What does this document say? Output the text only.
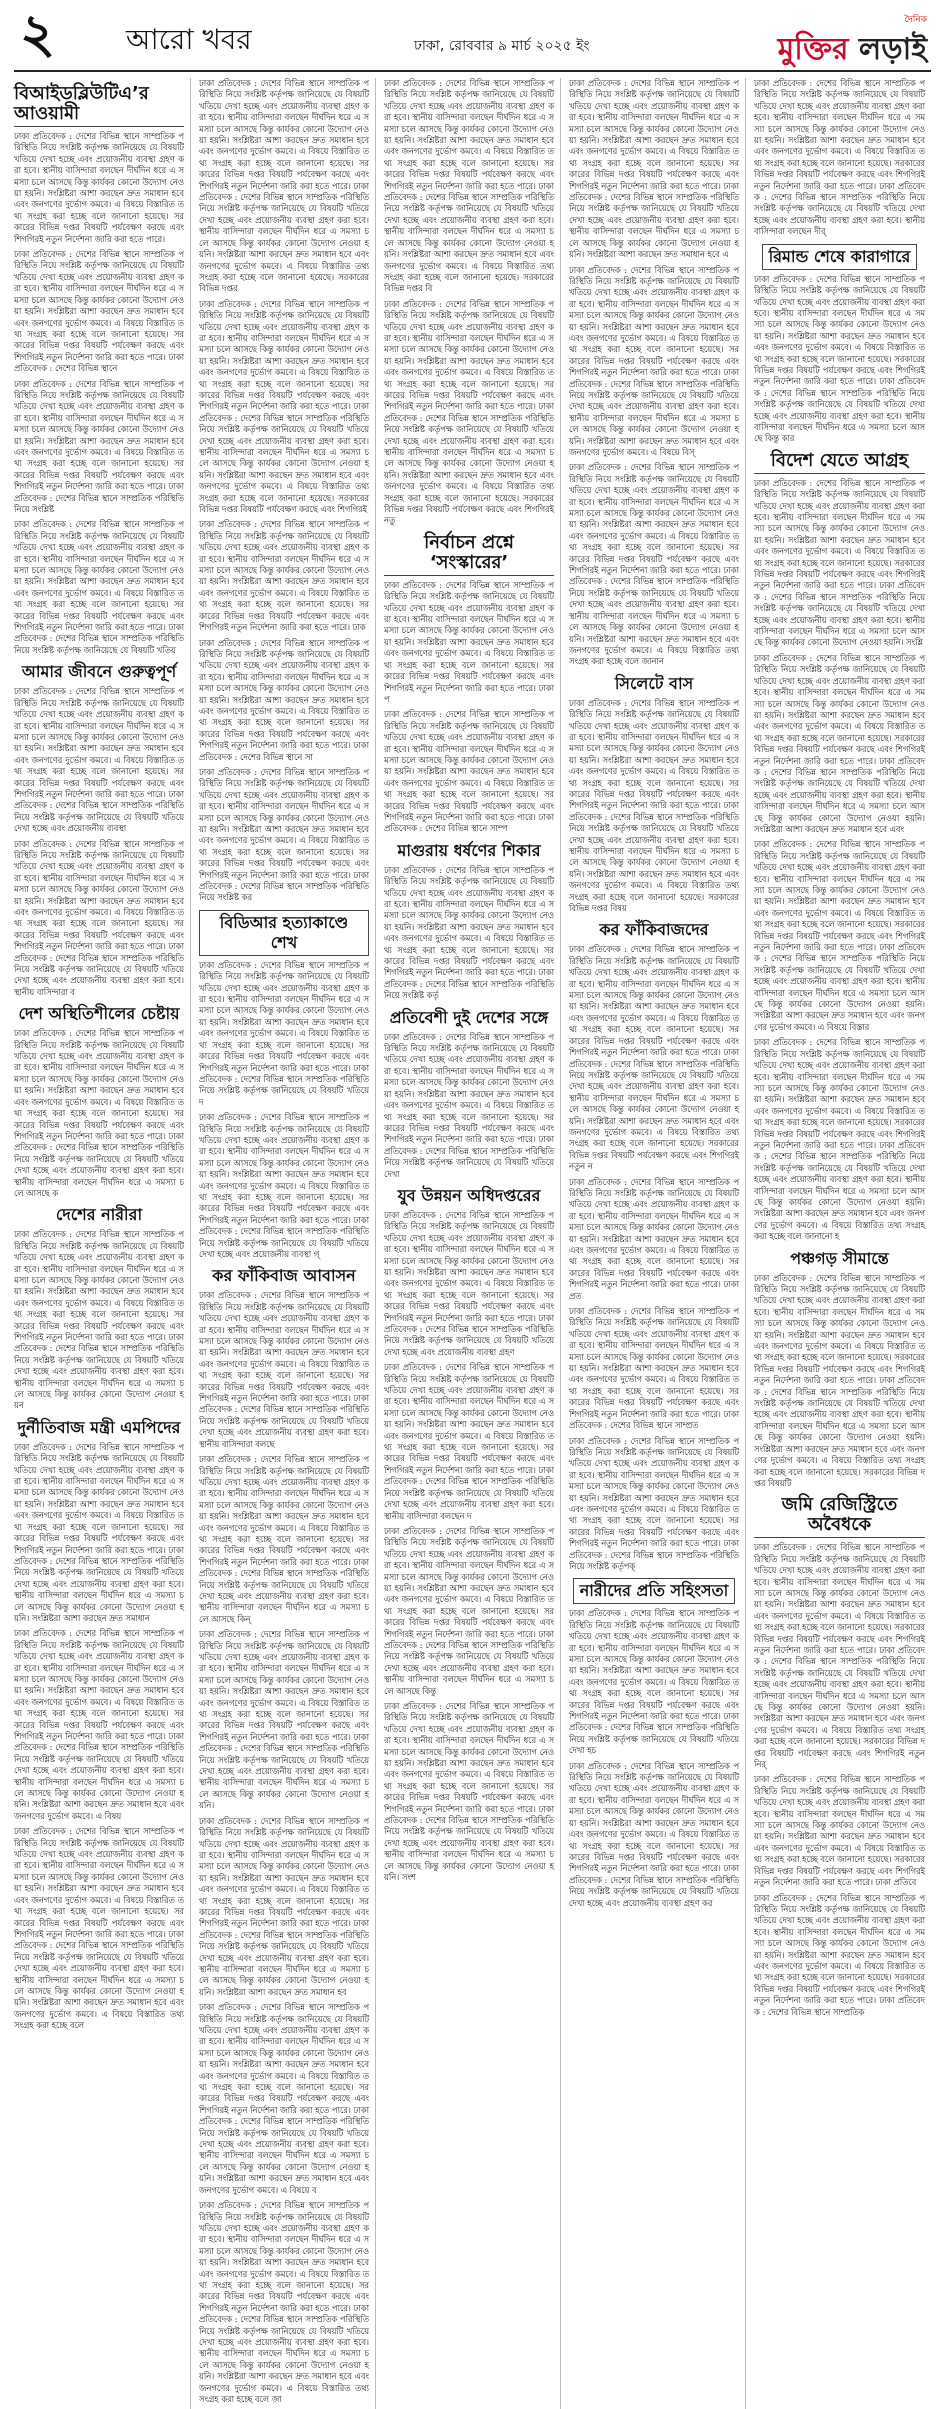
২	আরো খবর	ঢাকা, রোববার ৯ মার্চ ২০২৫ ইং
দৈনিক
মুক্তির লড়াই
বিআইডব্লিউটিএ’র আওয়ামী

ঢাকা প্রতিবেদক : দেশের বিভিন্ন স্থানে সাম্প্রতিক পরিস্থিতি নিয়ে সংশ্লিষ্ট কর্তৃপক্ষ জানিয়েছে যে বিষয়টি খতিয়ে দেখা হচ্ছে এবং প্রয়োজনীয় ব্যবস্থা গ্রহণ করা হবে। স্থানীয় বাসিন্দারা বলছেন দীর্ঘদিন ধরে এ সমস্যা চলে আসছে কিন্তু কার্যকর কোনো উদ্যোগ নেওয়া হয়নি। সংশ্লিষ্টরা আশা করছেন দ্রুত সমাধান হবে এবং জনগণের দুর্ভোগ কমবে। এ বিষয়ে বিস্তারিত তথ্য সংগ্রহ করা হচ্ছে বলে জানানো হয়েছে। সরকারের বিভিন্ন দপ্তর বিষয়টি পর্যবেক্ষণ করছে এবং শিগগিরই নতুন নির্দেশনা জারি করা হতে পারে।

ঢাকা প্রতিবেদক : দেশের বিভিন্ন স্থানে সাম্প্রতিক পরিস্থিতি নিয়ে সংশ্লিষ্ট কর্তৃপক্ষ জানিয়েছে যে বিষয়টি খতিয়ে দেখা হচ্ছে এবং প্রয়োজনীয় ব্যবস্থা গ্রহণ করা হবে। স্থানীয় বাসিন্দারা বলছেন দীর্ঘদিন ধরে এ সমস্যা চলে আসছে কিন্তু কার্যকর কোনো উদ্যোগ নেওয়া হয়নি। সংশ্লিষ্টরা আশা করছেন দ্রুত সমাধান হবে এবং জনগণের দুর্ভোগ কমবে। এ বিষয়ে বিস্তারিত তথ্য সংগ্রহ করা হচ্ছে বলে জানানো হয়েছে। সরকারের বিভিন্ন দপ্তর বিষয়টি পর্যবেক্ষণ করছে এবং শিগগিরই নতুন নির্দেশনা জারি করা হতে পারে। ঢাকা প্রতিবেদক : দেশের বিভিন্ন স্থানে

ঢাকা প্রতিবেদক : দেশের বিভিন্ন স্থানে সাম্প্রতিক পরিস্থিতি নিয়ে সংশ্লিষ্ট কর্তৃপক্ষ জানিয়েছে যে বিষয়টি খতিয়ে দেখা হচ্ছে এবং প্রয়োজনীয় ব্যবস্থা গ্রহণ করা হবে। স্থানীয় বাসিন্দারা বলছেন দীর্ঘদিন ধরে এ সমস্যা চলে আসছে কিন্তু কার্যকর কোনো উদ্যোগ নেওয়া হয়নি। সংশ্লিষ্টরা আশা করছেন দ্রুত সমাধান হবে এবং জনগণের দুর্ভোগ কমবে। এ বিষয়ে বিস্তারিত তথ্য সংগ্রহ করা হচ্ছে বলে জানানো হয়েছে। সরকারের বিভিন্ন দপ্তর বিষয়টি পর্যবেক্ষণ করছে এবং শিগগিরই নতুন নির্দেশনা জারি করা হতে পারে। ঢাকা প্রতিবেদক : দেশের বিভিন্ন স্থানে সাম্প্রতিক পরিস্থিতি নিয়ে সংশ্লিষ্ট

ঢাকা প্রতিবেদক : দেশের বিভিন্ন স্থানে সাম্প্রতিক পরিস্থিতি নিয়ে সংশ্লিষ্ট কর্তৃপক্ষ জানিয়েছে যে বিষয়টি খতিয়ে দেখা হচ্ছে এবং প্রয়োজনীয় ব্যবস্থা গ্রহণ করা হবে। স্থানীয় বাসিন্দারা বলছেন দীর্ঘদিন ধরে এ সমস্যা চলে আসছে কিন্তু কার্যকর কোনো উদ্যোগ নেওয়া হয়নি। সংশ্লিষ্টরা আশা করছেন দ্রুত সমাধান হবে এবং জনগণের দুর্ভোগ কমবে। এ বিষয়ে বিস্তারিত তথ্য সংগ্রহ করা হচ্ছে বলে জানানো হয়েছে। সরকারের বিভিন্ন দপ্তর বিষয়টি পর্যবেক্ষণ করছে এবং শিগগিরই নতুন নির্দেশনা জারি করা হতে পারে। ঢাকা প্রতিবেদক : দেশের বিভিন্ন স্থানে সাম্প্রতিক পরিস্থিতি নিয়ে সংশ্লিষ্ট কর্তৃপক্ষ জানিয়েছে যে বিষয়টি খতিয়

আমার জীবনে গুরুত্বপূর্ণ

ঢাকা প্রতিবেদক : দেশের বিভিন্ন স্থানে সাম্প্রতিক পরিস্থিতি নিয়ে সংশ্লিষ্ট কর্তৃপক্ষ জানিয়েছে যে বিষয়টি খতিয়ে দেখা হচ্ছে এবং প্রয়োজনীয় ব্যবস্থা গ্রহণ করা হবে। স্থানীয় বাসিন্দারা বলছেন দীর্ঘদিন ধরে এ সমস্যা চলে আসছে কিন্তু কার্যকর কোনো উদ্যোগ নেওয়া হয়নি। সংশ্লিষ্টরা আশা করছেন দ্রুত সমাধান হবে এবং জনগণের দুর্ভোগ কমবে। এ বিষয়ে বিস্তারিত তথ্য সংগ্রহ করা হচ্ছে বলে জানানো হয়েছে। সরকারের বিভিন্ন দপ্তর বিষয়টি পর্যবেক্ষণ করছে এবং শিগগিরই নতুন নির্দেশনা জারি করা হতে পারে। ঢাকা প্রতিবেদক : দেশের বিভিন্ন স্থানে সাম্প্রতিক পরিস্থিতি নিয়ে সংশ্লিষ্ট কর্তৃপক্ষ জানিয়েছে যে বিষয়টি খতিয়ে দেখা হচ্ছে এবং প্রয়োজনীয় ব্যবস্থা

ঢাকা প্রতিবেদক : দেশের বিভিন্ন স্থানে সাম্প্রতিক পরিস্থিতি নিয়ে সংশ্লিষ্ট কর্তৃপক্ষ জানিয়েছে যে বিষয়টি খতিয়ে দেখা হচ্ছে এবং প্রয়োজনীয় ব্যবস্থা গ্রহণ করা হবে। স্থানীয় বাসিন্দারা বলছেন দীর্ঘদিন ধরে এ সমস্যা চলে আসছে কিন্তু কার্যকর কোনো উদ্যোগ নেওয়া হয়নি। সংশ্লিষ্টরা আশা করছেন দ্রুত সমাধান হবে এবং জনগণের দুর্ভোগ কমবে। এ বিষয়ে বিস্তারিত তথ্য সংগ্রহ করা হচ্ছে বলে জানানো হয়েছে। সরকারের বিভিন্ন দপ্তর বিষয়টি পর্যবেক্ষণ করছে এবং শিগগিরই নতুন নির্দেশনা জারি করা হতে পারে। ঢাকা প্রতিবেদক : দেশের বিভিন্ন স্থানে সাম্প্রতিক পরিস্থিতি নিয়ে সংশ্লিষ্ট কর্তৃপক্ষ জানিয়েছে যে বিষয়টি খতিয়ে দেখা হচ্ছে এবং প্রয়োজনীয় ব্যবস্থা গ্রহণ করা হবে। স্থানীয় বাসিন্দারা ব

দেশ অস্থিতিশীলের চেষ্টায়

ঢাকা প্রতিবেদক : দেশের বিভিন্ন স্থানে সাম্প্রতিক পরিস্থিতি নিয়ে সংশ্লিষ্ট কর্তৃপক্ষ জানিয়েছে যে বিষয়টি খতিয়ে দেখা হচ্ছে এবং প্রয়োজনীয় ব্যবস্থা গ্রহণ করা হবে। স্থানীয় বাসিন্দারা বলছেন দীর্ঘদিন ধরে এ সমস্যা চলে আসছে কিন্তু কার্যকর কোনো উদ্যোগ নেওয়া হয়নি। সংশ্লিষ্টরা আশা করছেন দ্রুত সমাধান হবে এবং জনগণের দুর্ভোগ কমবে। এ বিষয়ে বিস্তারিত তথ্য সংগ্রহ করা হচ্ছে বলে জানানো হয়েছে। সরকারের বিভিন্ন দপ্তর বিষয়টি পর্যবেক্ষণ করছে এবং শিগগিরই নতুন নির্দেশনা জারি করা হতে পারে। ঢাকা প্রতিবেদক : দেশের বিভিন্ন স্থানে সাম্প্রতিক পরিস্থিতি নিয়ে সংশ্লিষ্ট কর্তৃপক্ষ জানিয়েছে যে বিষয়টি খতিয়ে দেখা হচ্ছে এবং প্রয়োজনীয় ব্যবস্থা গ্রহণ করা হবে। স্থানীয় বাসিন্দারা বলছেন দীর্ঘদিন ধরে এ সমস্যা চলে আসছে ক

দেশের নারীরা

ঢাকা প্রতিবেদক : দেশের বিভিন্ন স্থানে সাম্প্রতিক পরিস্থিতি নিয়ে সংশ্লিষ্ট কর্তৃপক্ষ জানিয়েছে যে বিষয়টি খতিয়ে দেখা হচ্ছে এবং প্রয়োজনীয় ব্যবস্থা গ্রহণ করা হবে। স্থানীয় বাসিন্দারা বলছেন দীর্ঘদিন ধরে এ সমস্যা চলে আসছে কিন্তু কার্যকর কোনো উদ্যোগ নেওয়া হয়নি। সংশ্লিষ্টরা আশা করছেন দ্রুত সমাধান হবে এবং জনগণের দুর্ভোগ কমবে। এ বিষয়ে বিস্তারিত তথ্য সংগ্রহ করা হচ্ছে বলে জানানো হয়েছে। সরকারের বিভিন্ন দপ্তর বিষয়টি পর্যবেক্ষণ করছে এবং শিগগিরই নতুন নির্দেশনা জারি করা হতে পারে। ঢাকা প্রতিবেদক : দেশের বিভিন্ন স্থানে সাম্প্রতিক পরিস্থিতি নিয়ে সংশ্লিষ্ট কর্তৃপক্ষ জানিয়েছে যে বিষয়টি খতিয়ে দেখা হচ্ছে এবং প্রয়োজনীয় ব্যবস্থা গ্রহণ করা হবে। স্থানীয় বাসিন্দারা বলছেন দীর্ঘদিন ধরে এ সমস্যা চলে আসছে কিন্তু কার্যকর কোনো উদ্যোগ নেওয়া হয়ন

দুর্নীতিবাজ মন্ত্রী এমপিদের

ঢাকা প্রতিবেদক : দেশের বিভিন্ন স্থানে সাম্প্রতিক পরিস্থিতি নিয়ে সংশ্লিষ্ট কর্তৃপক্ষ জানিয়েছে যে বিষয়টি খতিয়ে দেখা হচ্ছে এবং প্রয়োজনীয় ব্যবস্থা গ্রহণ করা হবে। স্থানীয় বাসিন্দারা বলছেন দীর্ঘদিন ধরে এ সমস্যা চলে আসছে কিন্তু কার্যকর কোনো উদ্যোগ নেওয়া হয়নি। সংশ্লিষ্টরা আশা করছেন দ্রুত সমাধান হবে এবং জনগণের দুর্ভোগ কমবে। এ বিষয়ে বিস্তারিত তথ্য সংগ্রহ করা হচ্ছে বলে জানানো হয়েছে। সরকারের বিভিন্ন দপ্তর বিষয়টি পর্যবেক্ষণ করছে এবং শিগগিরই নতুন নির্দেশনা জারি করা হতে পারে। ঢাকা প্রতিবেদক : দেশের বিভিন্ন স্থানে সাম্প্রতিক পরিস্থিতি নিয়ে সংশ্লিষ্ট কর্তৃপক্ষ জানিয়েছে যে বিষয়টি খতিয়ে দেখা হচ্ছে এবং প্রয়োজনীয় ব্যবস্থা গ্রহণ করা হবে। স্থানীয় বাসিন্দারা বলছেন দীর্ঘদিন ধরে এ সমস্যা চলে আসছে কিন্তু কার্যকর কোনো উদ্যোগ নেওয়া হয়নি। সংশ্লিষ্টরা আশা করছেন দ্রুত সমাধান

ঢাকা প্রতিবেদক : দেশের বিভিন্ন স্থানে সাম্প্রতিক পরিস্থিতি নিয়ে সংশ্লিষ্ট কর্তৃপক্ষ জানিয়েছে যে বিষয়টি খতিয়ে দেখা হচ্ছে এবং প্রয়োজনীয় ব্যবস্থা গ্রহণ করা হবে। স্থানীয় বাসিন্দারা বলছেন দীর্ঘদিন ধরে এ সমস্যা চলে আসছে কিন্তু কার্যকর কোনো উদ্যোগ নেওয়া হয়নি। সংশ্লিষ্টরা আশা করছেন দ্রুত সমাধান হবে এবং জনগণের দুর্ভোগ কমবে। এ বিষয়ে বিস্তারিত তথ্য সংগ্রহ করা হচ্ছে বলে জানানো হয়েছে। সরকারের বিভিন্ন দপ্তর বিষয়টি পর্যবেক্ষণ করছে এবং শিগগিরই নতুন নির্দেশনা জারি করা হতে পারে। ঢাকা প্রতিবেদক : দেশের বিভিন্ন স্থানে সাম্প্রতিক পরিস্থিতি নিয়ে সংশ্লিষ্ট কর্তৃপক্ষ জানিয়েছে যে বিষয়টি খতিয়ে দেখা হচ্ছে এবং প্রয়োজনীয় ব্যবস্থা গ্রহণ করা হবে। স্থানীয় বাসিন্দারা বলছেন দীর্ঘদিন ধরে এ সমস্যা চলে আসছে কিন্তু কার্যকর কোনো উদ্যোগ নেওয়া হয়নি। সংশ্লিষ্টরা আশা করছেন দ্রুত সমাধান হবে এবং জনগণের দুর্ভোগ কমবে। এ বিষয়

ঢাকা প্রতিবেদক : দেশের বিভিন্ন স্থানে সাম্প্রতিক পরিস্থিতি নিয়ে সংশ্লিষ্ট কর্তৃপক্ষ জানিয়েছে যে বিষয়টি খতিয়ে দেখা হচ্ছে এবং প্রয়োজনীয় ব্যবস্থা গ্রহণ করা হবে। স্থানীয় বাসিন্দারা বলছেন দীর্ঘদিন ধরে এ সমস্যা চলে আসছে কিন্তু কার্যকর কোনো উদ্যোগ নেওয়া হয়নি। সংশ্লিষ্টরা আশা করছেন দ্রুত সমাধান হবে এবং জনগণের দুর্ভোগ কমবে। এ বিষয়ে বিস্তারিত তথ্য সংগ্রহ করা হচ্ছে বলে জানানো হয়েছে। সরকারের বিভিন্ন দপ্তর বিষয়টি পর্যবেক্ষণ করছে এবং শিগগিরই নতুন নির্দেশনা জারি করা হতে পারে। ঢাকা প্রতিবেদক : দেশের বিভিন্ন স্থানে সাম্প্রতিক পরিস্থিতি নিয়ে সংশ্লিষ্ট কর্তৃপক্ষ জানিয়েছে যে বিষয়টি খতিয়ে দেখা হচ্ছে এবং প্রয়োজনীয় ব্যবস্থা গ্রহণ করা হবে। স্থানীয় বাসিন্দারা বলছেন দীর্ঘদিন ধরে এ সমস্যা চলে আসছে কিন্তু কার্যকর কোনো উদ্যোগ নেওয়া হয়নি। সংশ্লিষ্টরা আশা করছেন দ্রুত সমাধান হবে এবং জনগণের দুর্ভোগ কমবে। এ বিষয়ে বিস্তারিত তথ্য সংগ্রহ করা হচ্ছে বলে

ঢাকা প্রতিবেদক : দেশের বিভিন্ন স্থানে সাম্প্রতিক পরিস্থিতি নিয়ে সংশ্লিষ্ট কর্তৃপক্ষ জানিয়েছে যে বিষয়টি খতিয়ে দেখা হচ্ছে এবং প্রয়োজনীয় ব্যবস্থা গ্রহণ করা হবে। স্থানীয় বাসিন্দারা বলছেন দীর্ঘদিন ধরে এ সমস্যা চলে আসছে কিন্তু কার্যকর কোনো উদ্যোগ নেওয়া হয়নি। সংশ্লিষ্টরা আশা করছেন দ্রুত সমাধান হবে এবং জনগণের দুর্ভোগ কমবে। এ বিষয়ে বিস্তারিত তথ্য সংগ্রহ করা হচ্ছে বলে জানানো হয়েছে। সরকারের বিভিন্ন দপ্তর বিষয়টি পর্যবেক্ষণ করছে এবং শিগগিরই নতুন নির্দেশনা জারি করা হতে পারে। ঢাকা প্রতিবেদক : দেশের বিভিন্ন স্থানে সাম্প্রতিক পরিস্থিতি নিয়ে সংশ্লিষ্ট কর্তৃপক্ষ জানিয়েছে যে বিষয়টি খতিয়ে দেখা হচ্ছে এবং প্রয়োজনীয় ব্যবস্থা গ্রহণ করা হবে। স্থানীয় বাসিন্দারা বলছেন দীর্ঘদিন ধরে এ সমস্যা চলে আসছে কিন্তু কার্যকর কোনো উদ্যোগ নেওয়া হয়নি। সংশ্লিষ্টরা আশা করছেন দ্রুত সমাধান হবে এবং জনগণের দুর্ভোগ কমবে। এ বিষয়ে বিস্তারিত তথ্য সংগ্রহ করা হচ্ছে বলে জানানো হয়েছে। সরকারের বিভিন্ন দপ্তর

ঢাকা প্রতিবেদক : দেশের বিভিন্ন স্থানে সাম্প্রতিক পরিস্থিতি নিয়ে সংশ্লিষ্ট কর্তৃপক্ষ জানিয়েছে যে বিষয়টি খতিয়ে দেখা হচ্ছে এবং প্রয়োজনীয় ব্যবস্থা গ্রহণ করা হবে। স্থানীয় বাসিন্দারা বলছেন দীর্ঘদিন ধরে এ সমস্যা চলে আসছে কিন্তু কার্যকর কোনো উদ্যোগ নেওয়া হয়নি। সংশ্লিষ্টরা আশা করছেন দ্রুত সমাধান হবে এবং জনগণের দুর্ভোগ কমবে। এ বিষয়ে বিস্তারিত তথ্য সংগ্রহ করা হচ্ছে বলে জানানো হয়েছে। সরকারের বিভিন্ন দপ্তর বিষয়টি পর্যবেক্ষণ করছে এবং শিগগিরই নতুন নির্দেশনা জারি করা হতে পারে। ঢাকা প্রতিবেদক : দেশের বিভিন্ন স্থানে সাম্প্রতিক পরিস্থিতি নিয়ে সংশ্লিষ্ট কর্তৃপক্ষ জানিয়েছে যে বিষয়টি খতিয়ে দেখা হচ্ছে এবং প্রয়োজনীয় ব্যবস্থা গ্রহণ করা হবে। স্থানীয় বাসিন্দারা বলছেন দীর্ঘদিন ধরে এ সমস্যা চলে আসছে কিন্তু কার্যকর কোনো উদ্যোগ নেওয়া হয়নি। সংশ্লিষ্টরা আশা করছেন দ্রুত সমাধান হবে এবং জনগণের দুর্ভোগ কমবে। এ বিষয়ে বিস্তারিত তথ্য সংগ্রহ করা হচ্ছে বলে জানানো হয়েছে। সরকারের বিভিন্ন দপ্তর বিষয়টি পর্যবেক্ষণ করছে এবং শিগগিরই

ঢাকা প্রতিবেদক : দেশের বিভিন্ন স্থানে সাম্প্রতিক পরিস্থিতি নিয়ে সংশ্লিষ্ট কর্তৃপক্ষ জানিয়েছে যে বিষয়টি খতিয়ে দেখা হচ্ছে এবং প্রয়োজনীয় ব্যবস্থা গ্রহণ করা হবে। স্থানীয় বাসিন্দারা বলছেন দীর্ঘদিন ধরে এ সমস্যা চলে আসছে কিন্তু কার্যকর কোনো উদ্যোগ নেওয়া হয়নি। সংশ্লিষ্টরা আশা করছেন দ্রুত সমাধান হবে এবং জনগণের দুর্ভোগ কমবে। এ বিষয়ে বিস্তারিত তথ্য সংগ্রহ করা হচ্ছে বলে জানানো হয়েছে। সরকারের বিভিন্ন দপ্তর বিষয়টি পর্যবেক্ষণ করছে এবং শিগগিরই নতুন নির্দেশনা জারি করা হতে পারে। ঢাক

ঢাকা প্রতিবেদক : দেশের বিভিন্ন স্থানে সাম্প্রতিক পরিস্থিতি নিয়ে সংশ্লিষ্ট কর্তৃপক্ষ জানিয়েছে যে বিষয়টি খতিয়ে দেখা হচ্ছে এবং প্রয়োজনীয় ব্যবস্থা গ্রহণ করা হবে। স্থানীয় বাসিন্দারা বলছেন দীর্ঘদিন ধরে এ সমস্যা চলে আসছে কিন্তু কার্যকর কোনো উদ্যোগ নেওয়া হয়নি। সংশ্লিষ্টরা আশা করছেন দ্রুত সমাধান হবে এবং জনগণের দুর্ভোগ কমবে। এ বিষয়ে বিস্তারিত তথ্য সংগ্রহ করা হচ্ছে বলে জানানো হয়েছে। সরকারের বিভিন্ন দপ্তর বিষয়টি পর্যবেক্ষণ করছে এবং শিগগিরই নতুন নির্দেশনা জারি করা হতে পারে। ঢাকা প্রতিবেদক : দেশের বিভিন্ন স্থানে সা

ঢাকা প্রতিবেদক : দেশের বিভিন্ন স্থানে সাম্প্রতিক পরিস্থিতি নিয়ে সংশ্লিষ্ট কর্তৃপক্ষ জানিয়েছে যে বিষয়টি খতিয়ে দেখা হচ্ছে এবং প্রয়োজনীয় ব্যবস্থা গ্রহণ করা হবে। স্থানীয় বাসিন্দারা বলছেন দীর্ঘদিন ধরে এ সমস্যা চলে আসছে কিন্তু কার্যকর কোনো উদ্যোগ নেওয়া হয়নি। সংশ্লিষ্টরা আশা করছেন দ্রুত সমাধান হবে এবং জনগণের দুর্ভোগ কমবে। এ বিষয়ে বিস্তারিত তথ্য সংগ্রহ করা হচ্ছে বলে জানানো হয়েছে। সরকারের বিভিন্ন দপ্তর বিষয়টি পর্যবেক্ষণ করছে এবং শিগগিরই নতুন নির্দেশনা জারি করা হতে পারে। ঢাকা প্রতিবেদক : দেশের বিভিন্ন স্থানে সাম্প্রতিক পরিস্থিতি নিয়ে সংশ্লিষ্ট কর

বিডিআর হত্যাকাণ্ডে শেখ

ঢাকা প্রতিবেদক : দেশের বিভিন্ন স্থানে সাম্প্রতিক পরিস্থিতি নিয়ে সংশ্লিষ্ট কর্তৃপক্ষ জানিয়েছে যে বিষয়টি খতিয়ে দেখা হচ্ছে এবং প্রয়োজনীয় ব্যবস্থা গ্রহণ করা হবে। স্থানীয় বাসিন্দারা বলছেন দীর্ঘদিন ধরে এ সমস্যা চলে আসছে কিন্তু কার্যকর কোনো উদ্যোগ নেওয়া হয়নি। সংশ্লিষ্টরা আশা করছেন দ্রুত সমাধান হবে এবং জনগণের দুর্ভোগ কমবে। এ বিষয়ে বিস্তারিত তথ্য সংগ্রহ করা হচ্ছে বলে জানানো হয়েছে। সরকারের বিভিন্ন দপ্তর বিষয়টি পর্যবেক্ষণ করছে এবং শিগগিরই নতুন নির্দেশনা জারি করা হতে পারে। ঢাকা প্রতিবেদক : দেশের বিভিন্ন স্থানে সাম্প্রতিক পরিস্থিতি নিয়ে সংশ্লিষ্ট কর্তৃপক্ষ জানিয়েছে যে বিষয়টি খতিয়ে দ

ঢাকা প্রতিবেদক : দেশের বিভিন্ন স্থানে সাম্প্রতিক পরিস্থিতি নিয়ে সংশ্লিষ্ট কর্তৃপক্ষ জানিয়েছে যে বিষয়টি খতিয়ে দেখা হচ্ছে এবং প্রয়োজনীয় ব্যবস্থা গ্রহণ করা হবে। স্থানীয় বাসিন্দারা বলছেন দীর্ঘদিন ধরে এ সমস্যা চলে আসছে কিন্তু কার্যকর কোনো উদ্যোগ নেওয়া হয়নি। সংশ্লিষ্টরা আশা করছেন দ্রুত সমাধান হবে এবং জনগণের দুর্ভোগ কমবে। এ বিষয়ে বিস্তারিত তথ্য সংগ্রহ করা হচ্ছে বলে জানানো হয়েছে। সরকারের বিভিন্ন দপ্তর বিষয়টি পর্যবেক্ষণ করছে এবং শিগগিরই নতুন নির্দেশনা জারি করা হতে পারে। ঢাকা প্রতিবেদক : দেশের বিভিন্ন স্থানে সাম্প্রতিক পরিস্থিতি নিয়ে সংশ্লিষ্ট কর্তৃপক্ষ জানিয়েছে যে বিষয়টি খতিয়ে দেখা হচ্ছে এবং প্রয়োজনীয় ব্যবস্থা গ্

কর ফাঁকিবাজ আবাসন

ঢাকা প্রতিবেদক : দেশের বিভিন্ন স্থানে সাম্প্রতিক পরিস্থিতি নিয়ে সংশ্লিষ্ট কর্তৃপক্ষ জানিয়েছে যে বিষয়টি খতিয়ে দেখা হচ্ছে এবং প্রয়োজনীয় ব্যবস্থা গ্রহণ করা হবে। স্থানীয় বাসিন্দারা বলছেন দীর্ঘদিন ধরে এ সমস্যা চলে আসছে কিন্তু কার্যকর কোনো উদ্যোগ নেওয়া হয়নি। সংশ্লিষ্টরা আশা করছেন দ্রুত সমাধান হবে এবং জনগণের দুর্ভোগ কমবে। এ বিষয়ে বিস্তারিত তথ্য সংগ্রহ করা হচ্ছে বলে জানানো হয়েছে। সরকারের বিভিন্ন দপ্তর বিষয়টি পর্যবেক্ষণ করছে এবং শিগগিরই নতুন নির্দেশনা জারি করা হতে পারে। ঢাকা প্রতিবেদক : দেশের বিভিন্ন স্থানে সাম্প্রতিক পরিস্থিতি নিয়ে সংশ্লিষ্ট কর্তৃপক্ষ জানিয়েছে যে বিষয়টি খতিয়ে দেখা হচ্ছে এবং প্রয়োজনীয় ব্যবস্থা গ্রহণ করা হবে। স্থানীয় বাসিন্দারা বলছে

ঢাকা প্রতিবেদক : দেশের বিভিন্ন স্থানে সাম্প্রতিক পরিস্থিতি নিয়ে সংশ্লিষ্ট কর্তৃপক্ষ জানিয়েছে যে বিষয়টি খতিয়ে দেখা হচ্ছে এবং প্রয়োজনীয় ব্যবস্থা গ্রহণ করা হবে। স্থানীয় বাসিন্দারা বলছেন দীর্ঘদিন ধরে এ সমস্যা চলে আসছে কিন্তু কার্যকর কোনো উদ্যোগ নেওয়া হয়নি। সংশ্লিষ্টরা আশা করছেন দ্রুত সমাধান হবে এবং জনগণের দুর্ভোগ কমবে। এ বিষয়ে বিস্তারিত তথ্য সংগ্রহ করা হচ্ছে বলে জানানো হয়েছে। সরকারের বিভিন্ন দপ্তর বিষয়টি পর্যবেক্ষণ করছে এবং শিগগিরই নতুন নির্দেশনা জারি করা হতে পারে। ঢাকা প্রতিবেদক : দেশের বিভিন্ন স্থানে সাম্প্রতিক পরিস্থিতি নিয়ে সংশ্লিষ্ট কর্তৃপক্ষ জানিয়েছে যে বিষয়টি খতিয়ে দেখা হচ্ছে এবং প্রয়োজনীয় ব্যবস্থা গ্রহণ করা হবে। স্থানীয় বাসিন্দারা বলছেন দীর্ঘদিন ধরে এ সমস্যা চলে আসছে কিন্

ঢাকা প্রতিবেদক : দেশের বিভিন্ন স্থানে সাম্প্রতিক পরিস্থিতি নিয়ে সংশ্লিষ্ট কর্তৃপক্ষ জানিয়েছে যে বিষয়টি খতিয়ে দেখা হচ্ছে এবং প্রয়োজনীয় ব্যবস্থা গ্রহণ করা হবে। স্থানীয় বাসিন্দারা বলছেন দীর্ঘদিন ধরে এ সমস্যা চলে আসছে কিন্তু কার্যকর কোনো উদ্যোগ নেওয়া হয়নি। সংশ্লিষ্টরা আশা করছেন দ্রুত সমাধান হবে এবং জনগণের দুর্ভোগ কমবে। এ বিষয়ে বিস্তারিত তথ্য সংগ্রহ করা হচ্ছে বলে জানানো হয়েছে। সরকারের বিভিন্ন দপ্তর বিষয়টি পর্যবেক্ষণ করছে এবং শিগগিরই নতুন নির্দেশনা জারি করা হতে পারে। ঢাকা প্রতিবেদক : দেশের বিভিন্ন স্থানে সাম্প্রতিক পরিস্থিতি নিয়ে সংশ্লিষ্ট কর্তৃপক্ষ জানিয়েছে যে বিষয়টি খতিয়ে দেখা হচ্ছে এবং প্রয়োজনীয় ব্যবস্থা গ্রহণ করা হবে। স্থানীয় বাসিন্দারা বলছেন দীর্ঘদিন ধরে এ সমস্যা চলে আসছে কিন্তু কার্যকর কোনো উদ্যোগ নেওয়া হয়নি।

ঢাকা প্রতিবেদক : দেশের বিভিন্ন স্থানে সাম্প্রতিক পরিস্থিতি নিয়ে সংশ্লিষ্ট কর্তৃপক্ষ জানিয়েছে যে বিষয়টি খতিয়ে দেখা হচ্ছে এবং প্রয়োজনীয় ব্যবস্থা গ্রহণ করা হবে। স্থানীয় বাসিন্দারা বলছেন দীর্ঘদিন ধরে এ সমস্যা চলে আসছে কিন্তু কার্যকর কোনো উদ্যোগ নেওয়া হয়নি। সংশ্লিষ্টরা আশা করছেন দ্রুত সমাধান হবে এবং জনগণের দুর্ভোগ কমবে। এ বিষয়ে বিস্তারিত তথ্য সংগ্রহ করা হচ্ছে বলে জানানো হয়েছে। সরকারের বিভিন্ন দপ্তর বিষয়টি পর্যবেক্ষণ করছে এবং শিগগিরই নতুন নির্দেশনা জারি করা হতে পারে। ঢাকা প্রতিবেদক : দেশের বিভিন্ন স্থানে সাম্প্রতিক পরিস্থিতি নিয়ে সংশ্লিষ্ট কর্তৃপক্ষ জানিয়েছে যে বিষয়টি খতিয়ে দেখা হচ্ছে এবং প্রয়োজনীয় ব্যবস্থা গ্রহণ করা হবে। স্থানীয় বাসিন্দারা বলছেন দীর্ঘদিন ধরে এ সমস্যা চলে আসছে কিন্তু কার্যকর কোনো উদ্যোগ নেওয়া হয়নি। সংশ্লিষ্টরা আশা করছেন দ্রুত সমাধান হব

ঢাকা প্রতিবেদক : দেশের বিভিন্ন স্থানে সাম্প্রতিক পরিস্থিতি নিয়ে সংশ্লিষ্ট কর্তৃপক্ষ জানিয়েছে যে বিষয়টি খতিয়ে দেখা হচ্ছে এবং প্রয়োজনীয় ব্যবস্থা গ্রহণ করা হবে। স্থানীয় বাসিন্দারা বলছেন দীর্ঘদিন ধরে এ সমস্যা চলে আসছে কিন্তু কার্যকর কোনো উদ্যোগ নেওয়া হয়নি। সংশ্লিষ্টরা আশা করছেন দ্রুত সমাধান হবে এবং জনগণের দুর্ভোগ কমবে। এ বিষয়ে বিস্তারিত তথ্য সংগ্রহ করা হচ্ছে বলে জানানো হয়েছে। সরকারের বিভিন্ন দপ্তর বিষয়টি পর্যবেক্ষণ করছে এবং শিগগিরই নতুন নির্দেশনা জারি করা হতে পারে। ঢাকা প্রতিবেদক : দেশের বিভিন্ন স্থানে সাম্প্রতিক পরিস্থিতি নিয়ে সংশ্লিষ্ট কর্তৃপক্ষ জানিয়েছে যে বিষয়টি খতিয়ে দেখা হচ্ছে এবং প্রয়োজনীয় ব্যবস্থা গ্রহণ করা হবে। স্থানীয় বাসিন্দারা বলছেন দীর্ঘদিন ধরে এ সমস্যা চলে আসছে কিন্তু কার্যকর কোনো উদ্যোগ নেওয়া হয়নি। সংশ্লিষ্টরা আশা করছেন দ্রুত সমাধান হবে এবং জনগণের দুর্ভোগ কমবে। এ বিষয়ে ব

ঢাকা প্রতিবেদক : দেশের বিভিন্ন স্থানে সাম্প্রতিক পরিস্থিতি নিয়ে সংশ্লিষ্ট কর্তৃপক্ষ জানিয়েছে যে বিষয়টি খতিয়ে দেখা হচ্ছে এবং প্রয়োজনীয় ব্যবস্থা গ্রহণ করা হবে। স্থানীয় বাসিন্দারা বলছেন দীর্ঘদিন ধরে এ সমস্যা চলে আসছে কিন্তু কার্যকর কোনো উদ্যোগ নেওয়া হয়নি। সংশ্লিষ্টরা আশা করছেন দ্রুত সমাধান হবে এবং জনগণের দুর্ভোগ কমবে। এ বিষয়ে বিস্তারিত তথ্য সংগ্রহ করা হচ্ছে বলে জানানো হয়েছে। সরকারের বিভিন্ন দপ্তর বিষয়টি পর্যবেক্ষণ করছে এবং শিগগিরই নতুন নির্দেশনা জারি করা হতে পারে। ঢাকা প্রতিবেদক : দেশের বিভিন্ন স্থানে সাম্প্রতিক পরিস্থিতি নিয়ে সংশ্লিষ্ট কর্তৃপক্ষ জানিয়েছে যে বিষয়টি খতিয়ে দেখা হচ্ছে এবং প্রয়োজনীয় ব্যবস্থা গ্রহণ করা হবে। স্থানীয় বাসিন্দারা বলছেন দীর্ঘদিন ধরে এ সমস্যা চলে আসছে কিন্তু কার্যকর কোনো উদ্যোগ নেওয়া হয়নি। সংশ্লিষ্টরা আশা করছেন দ্রুত সমাধান হবে এবং জনগণের দুর্ভোগ কমবে। এ বিষয়ে বিস্তারিত তথ্য সংগ্রহ করা হচ্ছে বলে জা

ঢাকা প্রতিবেদক : দেশের বিভিন্ন স্থানে সাম্প্রতিক পরিস্থিতি নিয়ে সংশ্লিষ্ট কর্তৃপক্ষ জানিয়েছে যে বিষয়টি খতিয়ে দেখা হচ্ছে এবং প্রয়োজনীয় ব্যবস্থা গ্রহণ করা হবে। স্থানীয় বাসিন্দারা বলছেন দীর্ঘদিন ধরে এ সমস্যা চলে আসছে কিন্তু কার্যকর কোনো উদ্যোগ নেওয়া হয়নি। সংশ্লিষ্টরা আশা করছেন দ্রুত সমাধান হবে এবং জনগণের দুর্ভোগ কমবে। এ বিষয়ে বিস্তারিত তথ্য সংগ্রহ করা হচ্ছে বলে জানানো হয়েছে। সরকারের বিভিন্ন দপ্তর বিষয়টি পর্যবেক্ষণ করছে এবং শিগগিরই নতুন নির্দেশনা জারি করা হতে পারে। ঢাকা প্রতিবেদক : দেশের বিভিন্ন স্থানে সাম্প্রতিক পরিস্থিতি নিয়ে সংশ্লিষ্ট কর্তৃপক্ষ জানিয়েছে যে বিষয়টি খতিয়ে দেখা হচ্ছে এবং প্রয়োজনীয় ব্যবস্থা গ্রহণ করা হবে। স্থানীয় বাসিন্দারা বলছেন দীর্ঘদিন ধরে এ সমস্যা চলে আসছে কিন্তু কার্যকর কোনো উদ্যোগ নেওয়া হয়নি। সংশ্লিষ্টরা আশা করছেন দ্রুত সমাধান হবে এবং জনগণের দুর্ভোগ কমবে। এ বিষয়ে বিস্তারিত তথ্য সংগ্রহ করা হচ্ছে বলে জানানো হয়েছে। সরকারের বিভিন্ন দপ্তর বি

ঢাকা প্রতিবেদক : দেশের বিভিন্ন স্থানে সাম্প্রতিক পরিস্থিতি নিয়ে সংশ্লিষ্ট কর্তৃপক্ষ জানিয়েছে যে বিষয়টি খতিয়ে দেখা হচ্ছে এবং প্রয়োজনীয় ব্যবস্থা গ্রহণ করা হবে। স্থানীয় বাসিন্দারা বলছেন দীর্ঘদিন ধরে এ সমস্যা চলে আসছে কিন্তু কার্যকর কোনো উদ্যোগ নেওয়া হয়নি। সংশ্লিষ্টরা আশা করছেন দ্রুত সমাধান হবে এবং জনগণের দুর্ভোগ কমবে। এ বিষয়ে বিস্তারিত তথ্য সংগ্রহ করা হচ্ছে বলে জানানো হয়েছে। সরকারের বিভিন্ন দপ্তর বিষয়টি পর্যবেক্ষণ করছে এবং শিগগিরই নতুন নির্দেশনা জারি করা হতে পারে। ঢাকা প্রতিবেদক : দেশের বিভিন্ন স্থানে সাম্প্রতিক পরিস্থিতি নিয়ে সংশ্লিষ্ট কর্তৃপক্ষ জানিয়েছে যে বিষয়টি খতিয়ে দেখা হচ্ছে এবং প্রয়োজনীয় ব্যবস্থা গ্রহণ করা হবে। স্থানীয় বাসিন্দারা বলছেন দীর্ঘদিন ধরে এ সমস্যা চলে আসছে কিন্তু কার্যকর কোনো উদ্যোগ নেওয়া হয়নি। সংশ্লিষ্টরা আশা করছেন দ্রুত সমাধান হবে এবং জনগণের দুর্ভোগ কমবে। এ বিষয়ে বিস্তারিত তথ্য সংগ্রহ করা হচ্ছে বলে জানানো হয়েছে। সরকারের বিভিন্ন দপ্তর বিষয়টি পর্যবেক্ষণ করছে এবং শিগগিরই নতু

নির্বাচন প্রশ্নে ‘সংস্কারের’

ঢাকা প্রতিবেদক : দেশের বিভিন্ন স্থানে সাম্প্রতিক পরিস্থিতি নিয়ে সংশ্লিষ্ট কর্তৃপক্ষ জানিয়েছে যে বিষয়টি খতিয়ে দেখা হচ্ছে এবং প্রয়োজনীয় ব্যবস্থা গ্রহণ করা হবে। স্থানীয় বাসিন্দারা বলছেন দীর্ঘদিন ধরে এ সমস্যা চলে আসছে কিন্তু কার্যকর কোনো উদ্যোগ নেওয়া হয়নি। সংশ্লিষ্টরা আশা করছেন দ্রুত সমাধান হবে এবং জনগণের দুর্ভোগ কমবে। এ বিষয়ে বিস্তারিত তথ্য সংগ্রহ করা হচ্ছে বলে জানানো হয়েছে। সরকারের বিভিন্ন দপ্তর বিষয়টি পর্যবেক্ষণ করছে এবং শিগগিরই নতুন নির্দেশনা জারি করা হতে পারে। ঢাকা প

ঢাকা প্রতিবেদক : দেশের বিভিন্ন স্থানে সাম্প্রতিক পরিস্থিতি নিয়ে সংশ্লিষ্ট কর্তৃপক্ষ জানিয়েছে যে বিষয়টি খতিয়ে দেখা হচ্ছে এবং প্রয়োজনীয় ব্যবস্থা গ্রহণ করা হবে। স্থানীয় বাসিন্দারা বলছেন দীর্ঘদিন ধরে এ সমস্যা চলে আসছে কিন্তু কার্যকর কোনো উদ্যোগ নেওয়া হয়নি। সংশ্লিষ্টরা আশা করছেন দ্রুত সমাধান হবে এবং জনগণের দুর্ভোগ কমবে। এ বিষয়ে বিস্তারিত তথ্য সংগ্রহ করা হচ্ছে বলে জানানো হয়েছে। সরকারের বিভিন্ন দপ্তর বিষয়টি পর্যবেক্ষণ করছে এবং শিগগিরই নতুন নির্দেশনা জারি করা হতে পারে। ঢাকা প্রতিবেদক : দেশের বিভিন্ন স্থানে সাম্প

মাগুরায় ধর্ষণের শিকার

ঢাকা প্রতিবেদক : দেশের বিভিন্ন স্থানে সাম্প্রতিক পরিস্থিতি নিয়ে সংশ্লিষ্ট কর্তৃপক্ষ জানিয়েছে যে বিষয়টি খতিয়ে দেখা হচ্ছে এবং প্রয়োজনীয় ব্যবস্থা গ্রহণ করা হবে। স্থানীয় বাসিন্দারা বলছেন দীর্ঘদিন ধরে এ সমস্যা চলে আসছে কিন্তু কার্যকর কোনো উদ্যোগ নেওয়া হয়নি। সংশ্লিষ্টরা আশা করছেন দ্রুত সমাধান হবে এবং জনগণের দুর্ভোগ কমবে। এ বিষয়ে বিস্তারিত তথ্য সংগ্রহ করা হচ্ছে বলে জানানো হয়েছে। সরকারের বিভিন্ন দপ্তর বিষয়টি পর্যবেক্ষণ করছে এবং শিগগিরই নতুন নির্দেশনা জারি করা হতে পারে। ঢাকা প্রতিবেদক : দেশের বিভিন্ন স্থানে সাম্প্রতিক পরিস্থিতি নিয়ে সংশ্লিষ্ট কর্তৃ

প্রতিবেশী দুই দেশের সঙ্গে

ঢাকা প্রতিবেদক : দেশের বিভিন্ন স্থানে সাম্প্রতিক পরিস্থিতি নিয়ে সংশ্লিষ্ট কর্তৃপক্ষ জানিয়েছে যে বিষয়টি খতিয়ে দেখা হচ্ছে এবং প্রয়োজনীয় ব্যবস্থা গ্রহণ করা হবে। স্থানীয় বাসিন্দারা বলছেন দীর্ঘদিন ধরে এ সমস্যা চলে আসছে কিন্তু কার্যকর কোনো উদ্যোগ নেওয়া হয়নি। সংশ্লিষ্টরা আশা করছেন দ্রুত সমাধান হবে এবং জনগণের দুর্ভোগ কমবে। এ বিষয়ে বিস্তারিত তথ্য সংগ্রহ করা হচ্ছে বলে জানানো হয়েছে। সরকারের বিভিন্ন দপ্তর বিষয়টি পর্যবেক্ষণ করছে এবং শিগগিরই নতুন নির্দেশনা জারি করা হতে পারে। ঢাকা প্রতিবেদক : দেশের বিভিন্ন স্থানে সাম্প্রতিক পরিস্থিতি নিয়ে সংশ্লিষ্ট কর্তৃপক্ষ জানিয়েছে যে বিষয়টি খতিয়ে দেখা

যুব উন্নয়ন অধিদপ্তরের

ঢাকা প্রতিবেদক : দেশের বিভিন্ন স্থানে সাম্প্রতিক পরিস্থিতি নিয়ে সংশ্লিষ্ট কর্তৃপক্ষ জানিয়েছে যে বিষয়টি খতিয়ে দেখা হচ্ছে এবং প্রয়োজনীয় ব্যবস্থা গ্রহণ করা হবে। স্থানীয় বাসিন্দারা বলছেন দীর্ঘদিন ধরে এ সমস্যা চলে আসছে কিন্তু কার্যকর কোনো উদ্যোগ নেওয়া হয়নি। সংশ্লিষ্টরা আশা করছেন দ্রুত সমাধান হবে এবং জনগণের দুর্ভোগ কমবে। এ বিষয়ে বিস্তারিত তথ্য সংগ্রহ করা হচ্ছে বলে জানানো হয়েছে। সরকারের বিভিন্ন দপ্তর বিষয়টি পর্যবেক্ষণ করছে এবং শিগগিরই নতুন নির্দেশনা জারি করা হতে পারে। ঢাকা প্রতিবেদক : দেশের বিভিন্ন স্থানে সাম্প্রতিক পরিস্থিতি নিয়ে সংশ্লিষ্ট কর্তৃপক্ষ জানিয়েছে যে বিষয়টি খতিয়ে দেখা হচ্ছে এবং প্রয়োজনীয় ব্যবস্থা গ্রহণ

ঢাকা প্রতিবেদক : দেশের বিভিন্ন স্থানে সাম্প্রতিক পরিস্থিতি নিয়ে সংশ্লিষ্ট কর্তৃপক্ষ জানিয়েছে যে বিষয়টি খতিয়ে দেখা হচ্ছে এবং প্রয়োজনীয় ব্যবস্থা গ্রহণ করা হবে। স্থানীয় বাসিন্দারা বলছেন দীর্ঘদিন ধরে এ সমস্যা চলে আসছে কিন্তু কার্যকর কোনো উদ্যোগ নেওয়া হয়নি। সংশ্লিষ্টরা আশা করছেন দ্রুত সমাধান হবে এবং জনগণের দুর্ভোগ কমবে। এ বিষয়ে বিস্তারিত তথ্য সংগ্রহ করা হচ্ছে বলে জানানো হয়েছে। সরকারের বিভিন্ন দপ্তর বিষয়টি পর্যবেক্ষণ করছে এবং শিগগিরই নতুন নির্দেশনা জারি করা হতে পারে। ঢাকা প্রতিবেদক : দেশের বিভিন্ন স্থানে সাম্প্রতিক পরিস্থিতি নিয়ে সংশ্লিষ্ট কর্তৃপক্ষ জানিয়েছে যে বিষয়টি খতিয়ে দেখা হচ্ছে এবং প্রয়োজনীয় ব্যবস্থা গ্রহণ করা হবে। স্থানীয় বাসিন্দারা বলছেন দ

ঢাকা প্রতিবেদক : দেশের বিভিন্ন স্থানে সাম্প্রতিক পরিস্থিতি নিয়ে সংশ্লিষ্ট কর্তৃপক্ষ জানিয়েছে যে বিষয়টি খতিয়ে দেখা হচ্ছে এবং প্রয়োজনীয় ব্যবস্থা গ্রহণ করা হবে। স্থানীয় বাসিন্দারা বলছেন দীর্ঘদিন ধরে এ সমস্যা চলে আসছে কিন্তু কার্যকর কোনো উদ্যোগ নেওয়া হয়নি। সংশ্লিষ্টরা আশা করছেন দ্রুত সমাধান হবে এবং জনগণের দুর্ভোগ কমবে। এ বিষয়ে বিস্তারিত তথ্য সংগ্রহ করা হচ্ছে বলে জানানো হয়েছে। সরকারের বিভিন্ন দপ্তর বিষয়টি পর্যবেক্ষণ করছে এবং শিগগিরই নতুন নির্দেশনা জারি করা হতে পারে। ঢাকা প্রতিবেদক : দেশের বিভিন্ন স্থানে সাম্প্রতিক পরিস্থিতি নিয়ে সংশ্লিষ্ট কর্তৃপক্ষ জানিয়েছে যে বিষয়টি খতিয়ে দেখা হচ্ছে এবং প্রয়োজনীয় ব্যবস্থা গ্রহণ করা হবে। স্থানীয় বাসিন্দারা বলছেন দীর্ঘদিন ধরে এ সমস্যা চলে আসছে কিন্তু

ঢাকা প্রতিবেদক : দেশের বিভিন্ন স্থানে সাম্প্রতিক পরিস্থিতি নিয়ে সংশ্লিষ্ট কর্তৃপক্ষ জানিয়েছে যে বিষয়টি খতিয়ে দেখা হচ্ছে এবং প্রয়োজনীয় ব্যবস্থা গ্রহণ করা হবে। স্থানীয় বাসিন্দারা বলছেন দীর্ঘদিন ধরে এ সমস্যা চলে আসছে কিন্তু কার্যকর কোনো উদ্যোগ নেওয়া হয়নি। সংশ্লিষ্টরা আশা করছেন দ্রুত সমাধান হবে এবং জনগণের দুর্ভোগ কমবে। এ বিষয়ে বিস্তারিত তথ্য সংগ্রহ করা হচ্ছে বলে জানানো হয়েছে। সরকারের বিভিন্ন দপ্তর বিষয়টি পর্যবেক্ষণ করছে এবং শিগগিরই নতুন নির্দেশনা জারি করা হতে পারে। ঢাকা প্রতিবেদক : দেশের বিভিন্ন স্থানে সাম্প্রতিক পরিস্থিতি নিয়ে সংশ্লিষ্ট কর্তৃপক্ষ জানিয়েছে যে বিষয়টি খতিয়ে দেখা হচ্ছে এবং প্রয়োজনীয় ব্যবস্থা গ্রহণ করা হবে। স্থানীয় বাসিন্দারা বলছেন দীর্ঘদিন ধরে এ সমস্যা চলে আসছে কিন্তু কার্যকর কোনো উদ্যোগ নেওয়া হয়নি। সংশ

ঢাকা প্রতিবেদক : দেশের বিভিন্ন স্থানে সাম্প্রতিক পরিস্থিতি নিয়ে সংশ্লিষ্ট কর্তৃপক্ষ জানিয়েছে যে বিষয়টি খতিয়ে দেখা হচ্ছে এবং প্রয়োজনীয় ব্যবস্থা গ্রহণ করা হবে। স্থানীয় বাসিন্দারা বলছেন দীর্ঘদিন ধরে এ সমস্যা চলে আসছে কিন্তু কার্যকর কোনো উদ্যোগ নেওয়া হয়নি। সংশ্লিষ্টরা আশা করছেন দ্রুত সমাধান হবে এবং জনগণের দুর্ভোগ কমবে। এ বিষয়ে বিস্তারিত তথ্য সংগ্রহ করা হচ্ছে বলে জানানো হয়েছে। সরকারের বিভিন্ন দপ্তর বিষয়টি পর্যবেক্ষণ করছে এবং শিগগিরই নতুন নির্দেশনা জারি করা হতে পারে। ঢাকা প্রতিবেদক : দেশের বিভিন্ন স্থানে সাম্প্রতিক পরিস্থিতি নিয়ে সংশ্লিষ্ট কর্তৃপক্ষ জানিয়েছে যে বিষয়টি খতিয়ে দেখা হচ্ছে এবং প্রয়োজনীয় ব্যবস্থা গ্রহণ করা হবে। স্থানীয় বাসিন্দারা বলছেন দীর্ঘদিন ধরে এ সমস্যা চলে আসছে কিন্তু কার্যকর কোনো উদ্যোগ নেওয়া হয়নি। সংশ্লিষ্টরা আশা করছেন দ্রুত সমাধান হবে এ

ঢাকা প্রতিবেদক : দেশের বিভিন্ন স্থানে সাম্প্রতিক পরিস্থিতি নিয়ে সংশ্লিষ্ট কর্তৃপক্ষ জানিয়েছে যে বিষয়টি খতিয়ে দেখা হচ্ছে এবং প্রয়োজনীয় ব্যবস্থা গ্রহণ করা হবে। স্থানীয় বাসিন্দারা বলছেন দীর্ঘদিন ধরে এ সমস্যা চলে আসছে কিন্তু কার্যকর কোনো উদ্যোগ নেওয়া হয়নি। সংশ্লিষ্টরা আশা করছেন দ্রুত সমাধান হবে এবং জনগণের দুর্ভোগ কমবে। এ বিষয়ে বিস্তারিত তথ্য সংগ্রহ করা হচ্ছে বলে জানানো হয়েছে। সরকারের বিভিন্ন দপ্তর বিষয়টি পর্যবেক্ষণ করছে এবং শিগগিরই নতুন নির্দেশনা জারি করা হতে পারে। ঢাকা প্রতিবেদক : দেশের বিভিন্ন স্থানে সাম্প্রতিক পরিস্থিতি নিয়ে সংশ্লিষ্ট কর্তৃপক্ষ জানিয়েছে যে বিষয়টি খতিয়ে দেখা হচ্ছে এবং প্রয়োজনীয় ব্যবস্থা গ্রহণ করা হবে। স্থানীয় বাসিন্দারা বলছেন দীর্ঘদিন ধরে এ সমস্যা চলে আসছে কিন্তু কার্যকর কোনো উদ্যোগ নেওয়া হয়নি। সংশ্লিষ্টরা আশা করছেন দ্রুত সমাধান হবে এবং জনগণের দুর্ভোগ কমবে। এ বিষয়ে বিস্

ঢাকা প্রতিবেদক : দেশের বিভিন্ন স্থানে সাম্প্রতিক পরিস্থিতি নিয়ে সংশ্লিষ্ট কর্তৃপক্ষ জানিয়েছে যে বিষয়টি খতিয়ে দেখা হচ্ছে এবং প্রয়োজনীয় ব্যবস্থা গ্রহণ করা হবে। স্থানীয় বাসিন্দারা বলছেন দীর্ঘদিন ধরে এ সমস্যা চলে আসছে কিন্তু কার্যকর কোনো উদ্যোগ নেওয়া হয়নি। সংশ্লিষ্টরা আশা করছেন দ্রুত সমাধান হবে এবং জনগণের দুর্ভোগ কমবে। এ বিষয়ে বিস্তারিত তথ্য সংগ্রহ করা হচ্ছে বলে জানানো হয়েছে। সরকারের বিভিন্ন দপ্তর বিষয়টি পর্যবেক্ষণ করছে এবং শিগগিরই নতুন নির্দেশনা জারি করা হতে পারে। ঢাকা প্রতিবেদক : দেশের বিভিন্ন স্থানে সাম্প্রতিক পরিস্থিতি নিয়ে সংশ্লিষ্ট কর্তৃপক্ষ জানিয়েছে যে বিষয়টি খতিয়ে দেখা হচ্ছে এবং প্রয়োজনীয় ব্যবস্থা গ্রহণ করা হবে। স্থানীয় বাসিন্দারা বলছেন দীর্ঘদিন ধরে এ সমস্যা চলে আসছে কিন্তু কার্যকর কোনো উদ্যোগ নেওয়া হয়নি। সংশ্লিষ্টরা আশা করছেন দ্রুত সমাধান হবে এবং জনগণের দুর্ভোগ কমবে। এ বিষয়ে বিস্তারিত তথ্য সংগ্রহ করা হচ্ছে বলে জানান

সিলেটে বাস

ঢাকা প্রতিবেদক : দেশের বিভিন্ন স্থানে সাম্প্রতিক পরিস্থিতি নিয়ে সংশ্লিষ্ট কর্তৃপক্ষ জানিয়েছে যে বিষয়টি খতিয়ে দেখা হচ্ছে এবং প্রয়োজনীয় ব্যবস্থা গ্রহণ করা হবে। স্থানীয় বাসিন্দারা বলছেন দীর্ঘদিন ধরে এ সমস্যা চলে আসছে কিন্তু কার্যকর কোনো উদ্যোগ নেওয়া হয়নি। সংশ্লিষ্টরা আশা করছেন দ্রুত সমাধান হবে এবং জনগণের দুর্ভোগ কমবে। এ বিষয়ে বিস্তারিত তথ্য সংগ্রহ করা হচ্ছে বলে জানানো হয়েছে। সরকারের বিভিন্ন দপ্তর বিষয়টি পর্যবেক্ষণ করছে এবং শিগগিরই নতুন নির্দেশনা জারি করা হতে পারে। ঢাকা প্রতিবেদক : দেশের বিভিন্ন স্থানে সাম্প্রতিক পরিস্থিতি নিয়ে সংশ্লিষ্ট কর্তৃপক্ষ জানিয়েছে যে বিষয়টি খতিয়ে দেখা হচ্ছে এবং প্রয়োজনীয় ব্যবস্থা গ্রহণ করা হবে। স্থানীয় বাসিন্দারা বলছেন দীর্ঘদিন ধরে এ সমস্যা চলে আসছে কিন্তু কার্যকর কোনো উদ্যোগ নেওয়া হয়নি। সংশ্লিষ্টরা আশা করছেন দ্রুত সমাধান হবে এবং জনগণের দুর্ভোগ কমবে। এ বিষয়ে বিস্তারিত তথ্য সংগ্রহ করা হচ্ছে বলে জানানো হয়েছে। সরকারের বিভিন্ন দপ্তর বিষয়

কর ফাঁকিবাজদের

ঢাকা প্রতিবেদক : দেশের বিভিন্ন স্থানে সাম্প্রতিক পরিস্থিতি নিয়ে সংশ্লিষ্ট কর্তৃপক্ষ জানিয়েছে যে বিষয়টি খতিয়ে দেখা হচ্ছে এবং প্রয়োজনীয় ব্যবস্থা গ্রহণ করা হবে। স্থানীয় বাসিন্দারা বলছেন দীর্ঘদিন ধরে এ সমস্যা চলে আসছে কিন্তু কার্যকর কোনো উদ্যোগ নেওয়া হয়নি। সংশ্লিষ্টরা আশা করছেন দ্রুত সমাধান হবে এবং জনগণের দুর্ভোগ কমবে। এ বিষয়ে বিস্তারিত তথ্য সংগ্রহ করা হচ্ছে বলে জানানো হয়েছে। সরকারের বিভিন্ন দপ্তর বিষয়টি পর্যবেক্ষণ করছে এবং শিগগিরই নতুন নির্দেশনা জারি করা হতে পারে। ঢাকা প্রতিবেদক : দেশের বিভিন্ন স্থানে সাম্প্রতিক পরিস্থিতি নিয়ে সংশ্লিষ্ট কর্তৃপক্ষ জানিয়েছে যে বিষয়টি খতিয়ে দেখা হচ্ছে এবং প্রয়োজনীয় ব্যবস্থা গ্রহণ করা হবে। স্থানীয় বাসিন্দারা বলছেন দীর্ঘদিন ধরে এ সমস্যা চলে আসছে কিন্তু কার্যকর কোনো উদ্যোগ নেওয়া হয়নি। সংশ্লিষ্টরা আশা করছেন দ্রুত সমাধান হবে এবং জনগণের দুর্ভোগ কমবে। এ বিষয়ে বিস্তারিত তথ্য সংগ্রহ করা হচ্ছে বলে জানানো হয়েছে। সরকারের বিভিন্ন দপ্তর বিষয়টি পর্যবেক্ষণ করছে এবং শিগগিরই নতুন ন

ঢাকা প্রতিবেদক : দেশের বিভিন্ন স্থানে সাম্প্রতিক পরিস্থিতি নিয়ে সংশ্লিষ্ট কর্তৃপক্ষ জানিয়েছে যে বিষয়টি খতিয়ে দেখা হচ্ছে এবং প্রয়োজনীয় ব্যবস্থা গ্রহণ করা হবে। স্থানীয় বাসিন্দারা বলছেন দীর্ঘদিন ধরে এ সমস্যা চলে আসছে কিন্তু কার্যকর কোনো উদ্যোগ নেওয়া হয়নি। সংশ্লিষ্টরা আশা করছেন দ্রুত সমাধান হবে এবং জনগণের দুর্ভোগ কমবে। এ বিষয়ে বিস্তারিত তথ্য সংগ্রহ করা হচ্ছে বলে জানানো হয়েছে। সরকারের বিভিন্ন দপ্তর বিষয়টি পর্যবেক্ষণ করছে এবং শিগগিরই নতুন নির্দেশনা জারি করা হতে পারে। ঢাকা প্রত

ঢাকা প্রতিবেদক : দেশের বিভিন্ন স্থানে সাম্প্রতিক পরিস্থিতি নিয়ে সংশ্লিষ্ট কর্তৃপক্ষ জানিয়েছে যে বিষয়টি খতিয়ে দেখা হচ্ছে এবং প্রয়োজনীয় ব্যবস্থা গ্রহণ করা হবে। স্থানীয় বাসিন্দারা বলছেন দীর্ঘদিন ধরে এ সমস্যা চলে আসছে কিন্তু কার্যকর কোনো উদ্যোগ নেওয়া হয়নি। সংশ্লিষ্টরা আশা করছেন দ্রুত সমাধান হবে এবং জনগণের দুর্ভোগ কমবে। এ বিষয়ে বিস্তারিত তথ্য সংগ্রহ করা হচ্ছে বলে জানানো হয়েছে। সরকারের বিভিন্ন দপ্তর বিষয়টি পর্যবেক্ষণ করছে এবং শিগগিরই নতুন নির্দেশনা জারি করা হতে পারে। ঢাকা প্রতিবেদক : দেশের বিভিন্ন স্থানে সাম্প্রত

ঢাকা প্রতিবেদক : দেশের বিভিন্ন স্থানে সাম্প্রতিক পরিস্থিতি নিয়ে সংশ্লিষ্ট কর্তৃপক্ষ জানিয়েছে যে বিষয়টি খতিয়ে দেখা হচ্ছে এবং প্রয়োজনীয় ব্যবস্থা গ্রহণ করা হবে। স্থানীয় বাসিন্দারা বলছেন দীর্ঘদিন ধরে এ সমস্যা চলে আসছে কিন্তু কার্যকর কোনো উদ্যোগ নেওয়া হয়নি। সংশ্লিষ্টরা আশা করছেন দ্রুত সমাধান হবে এবং জনগণের দুর্ভোগ কমবে। এ বিষয়ে বিস্তারিত তথ্য সংগ্রহ করা হচ্ছে বলে জানানো হয়েছে। সরকারের বিভিন্ন দপ্তর বিষয়টি পর্যবেক্ষণ করছে এবং শিগগিরই নতুন নির্দেশনা জারি করা হতে পারে। ঢাকা প্রতিবেদক : দেশের বিভিন্ন স্থানে সাম্প্রতিক পরিস্থিতি নিয়ে সংশ্লিষ্ট কর্তৃপক্

নারীদের প্রতি সহিংসতা

ঢাকা প্রতিবেদক : দেশের বিভিন্ন স্থানে সাম্প্রতিক পরিস্থিতি নিয়ে সংশ্লিষ্ট কর্তৃপক্ষ জানিয়েছে যে বিষয়টি খতিয়ে দেখা হচ্ছে এবং প্রয়োজনীয় ব্যবস্থা গ্রহণ করা হবে। স্থানীয় বাসিন্দারা বলছেন দীর্ঘদিন ধরে এ সমস্যা চলে আসছে কিন্তু কার্যকর কোনো উদ্যোগ নেওয়া হয়নি। সংশ্লিষ্টরা আশা করছেন দ্রুত সমাধান হবে এবং জনগণের দুর্ভোগ কমবে। এ বিষয়ে বিস্তারিত তথ্য সংগ্রহ করা হচ্ছে বলে জানানো হয়েছে। সরকারের বিভিন্ন দপ্তর বিষয়টি পর্যবেক্ষণ করছে এবং শিগগিরই নতুন নির্দেশনা জারি করা হতে পারে। ঢাকা প্রতিবেদক : দেশের বিভিন্ন স্থানে সাম্প্রতিক পরিস্থিতি নিয়ে সংশ্লিষ্ট কর্তৃপক্ষ জানিয়েছে যে বিষয়টি খতিয়ে দেখা হচ

ঢাকা প্রতিবেদক : দেশের বিভিন্ন স্থানে সাম্প্রতিক পরিস্থিতি নিয়ে সংশ্লিষ্ট কর্তৃপক্ষ জানিয়েছে যে বিষয়টি খতিয়ে দেখা হচ্ছে এবং প্রয়োজনীয় ব্যবস্থা গ্রহণ করা হবে। স্থানীয় বাসিন্দারা বলছেন দীর্ঘদিন ধরে এ সমস্যা চলে আসছে কিন্তু কার্যকর কোনো উদ্যোগ নেওয়া হয়নি। সংশ্লিষ্টরা আশা করছেন দ্রুত সমাধান হবে এবং জনগণের দুর্ভোগ কমবে। এ বিষয়ে বিস্তারিত তথ্য সংগ্রহ করা হচ্ছে বলে জানানো হয়েছে। সরকারের বিভিন্ন দপ্তর বিষয়টি পর্যবেক্ষণ করছে এবং শিগগিরই নতুন নির্দেশনা জারি করা হতে পারে। ঢাকা প্রতিবেদক : দেশের বিভিন্ন স্থানে সাম্প্রতিক পরিস্থিতি নিয়ে সংশ্লিষ্ট কর্তৃপক্ষ জানিয়েছে যে বিষয়টি খতিয়ে দেখা হচ্ছে এবং প্রয়োজনীয় ব্যবস্থা গ্রহণ কর

ঢাকা প্রতিবেদক : দেশের বিভিন্ন স্থানে সাম্প্রতিক পরিস্থিতি নিয়ে সংশ্লিষ্ট কর্তৃপক্ষ জানিয়েছে যে বিষয়টি খতিয়ে দেখা হচ্ছে এবং প্রয়োজনীয় ব্যবস্থা গ্রহণ করা হবে। স্থানীয় বাসিন্দারা বলছেন দীর্ঘদিন ধরে এ সমস্যা চলে আসছে কিন্তু কার্যকর কোনো উদ্যোগ নেওয়া হয়নি। সংশ্লিষ্টরা আশা করছেন দ্রুত সমাধান হবে এবং জনগণের দুর্ভোগ কমবে। এ বিষয়ে বিস্তারিত তথ্য সংগ্রহ করা হচ্ছে বলে জানানো হয়েছে। সরকারের বিভিন্ন দপ্তর বিষয়টি পর্যবেক্ষণ করছে এবং শিগগিরই নতুন নির্দেশনা জারি করা হতে পারে। ঢাকা প্রতিবেদক : দেশের বিভিন্ন স্থানে সাম্প্রতিক পরিস্থিতি নিয়ে সংশ্লিষ্ট কর্তৃপক্ষ জানিয়েছে যে বিষয়টি খতিয়ে দেখা হচ্ছে এবং প্রয়োজনীয় ব্যবস্থা গ্রহণ করা হবে। স্থানীয় বাসিন্দারা বলছেন দীর্

রিমান্ড শেষে কারাগারে

ঢাকা প্রতিবেদক : দেশের বিভিন্ন স্থানে সাম্প্রতিক পরিস্থিতি নিয়ে সংশ্লিষ্ট কর্তৃপক্ষ জানিয়েছে যে বিষয়টি খতিয়ে দেখা হচ্ছে এবং প্রয়োজনীয় ব্যবস্থা গ্রহণ করা হবে। স্থানীয় বাসিন্দারা বলছেন দীর্ঘদিন ধরে এ সমস্যা চলে আসছে কিন্তু কার্যকর কোনো উদ্যোগ নেওয়া হয়নি। সংশ্লিষ্টরা আশা করছেন দ্রুত সমাধান হবে এবং জনগণের দুর্ভোগ কমবে। এ বিষয়ে বিস্তারিত তথ্য সংগ্রহ করা হচ্ছে বলে জানানো হয়েছে। সরকারের বিভিন্ন দপ্তর বিষয়টি পর্যবেক্ষণ করছে এবং শিগগিরই নতুন নির্দেশনা জারি করা হতে পারে। ঢাকা প্রতিবেদক : দেশের বিভিন্ন স্থানে সাম্প্রতিক পরিস্থিতি নিয়ে সংশ্লিষ্ট কর্তৃপক্ষ জানিয়েছে যে বিষয়টি খতিয়ে দেখা হচ্ছে এবং প্রয়োজনীয় ব্যবস্থা গ্রহণ করা হবে। স্থানীয় বাসিন্দারা বলছেন দীর্ঘদিন ধরে এ সমস্যা চলে আসছে কিন্তু কার

বিদেশ যেতে আগ্রহ

ঢাকা প্রতিবেদক : দেশের বিভিন্ন স্থানে সাম্প্রতিক পরিস্থিতি নিয়ে সংশ্লিষ্ট কর্তৃপক্ষ জানিয়েছে যে বিষয়টি খতিয়ে দেখা হচ্ছে এবং প্রয়োজনীয় ব্যবস্থা গ্রহণ করা হবে। স্থানীয় বাসিন্দারা বলছেন দীর্ঘদিন ধরে এ সমস্যা চলে আসছে কিন্তু কার্যকর কোনো উদ্যোগ নেওয়া হয়নি। সংশ্লিষ্টরা আশা করছেন দ্রুত সমাধান হবে এবং জনগণের দুর্ভোগ কমবে। এ বিষয়ে বিস্তারিত তথ্য সংগ্রহ করা হচ্ছে বলে জানানো হয়েছে। সরকারের বিভিন্ন দপ্তর বিষয়টি পর্যবেক্ষণ করছে এবং শিগগিরই নতুন নির্দেশনা জারি করা হতে পারে। ঢাকা প্রতিবেদক : দেশের বিভিন্ন স্থানে সাম্প্রতিক পরিস্থিতি নিয়ে সংশ্লিষ্ট কর্তৃপক্ষ জানিয়েছে যে বিষয়টি খতিয়ে দেখা হচ্ছে এবং প্রয়োজনীয় ব্যবস্থা গ্রহণ করা হবে। স্থানীয় বাসিন্দারা বলছেন দীর্ঘদিন ধরে এ সমস্যা চলে আসছে কিন্তু কার্যকর কোনো উদ্যোগ নেওয়া হয়নি। সংশ্লি

ঢাকা প্রতিবেদক : দেশের বিভিন্ন স্থানে সাম্প্রতিক পরিস্থিতি নিয়ে সংশ্লিষ্ট কর্তৃপক্ষ জানিয়েছে যে বিষয়টি খতিয়ে দেখা হচ্ছে এবং প্রয়োজনীয় ব্যবস্থা গ্রহণ করা হবে। স্থানীয় বাসিন্দারা বলছেন দীর্ঘদিন ধরে এ সমস্যা চলে আসছে কিন্তু কার্যকর কোনো উদ্যোগ নেওয়া হয়নি। সংশ্লিষ্টরা আশা করছেন দ্রুত সমাধান হবে এবং জনগণের দুর্ভোগ কমবে। এ বিষয়ে বিস্তারিত তথ্য সংগ্রহ করা হচ্ছে বলে জানানো হয়েছে। সরকারের বিভিন্ন দপ্তর বিষয়টি পর্যবেক্ষণ করছে এবং শিগগিরই নতুন নির্দেশনা জারি করা হতে পারে। ঢাকা প্রতিবেদক : দেশের বিভিন্ন স্থানে সাম্প্রতিক পরিস্থিতি নিয়ে সংশ্লিষ্ট কর্তৃপক্ষ জানিয়েছে যে বিষয়টি খতিয়ে দেখা হচ্ছে এবং প্রয়োজনীয় ব্যবস্থা গ্রহণ করা হবে। স্থানীয় বাসিন্দারা বলছেন দীর্ঘদিন ধরে এ সমস্যা চলে আসছে কিন্তু কার্যকর কোনো উদ্যোগ নেওয়া হয়নি। সংশ্লিষ্টরা আশা করছেন দ্রুত সমাধান হবে এবং

ঢাকা প্রতিবেদক : দেশের বিভিন্ন স্থানে সাম্প্রতিক পরিস্থিতি নিয়ে সংশ্লিষ্ট কর্তৃপক্ষ জানিয়েছে যে বিষয়টি খতিয়ে দেখা হচ্ছে এবং প্রয়োজনীয় ব্যবস্থা গ্রহণ করা হবে। স্থানীয় বাসিন্দারা বলছেন দীর্ঘদিন ধরে এ সমস্যা চলে আসছে কিন্তু কার্যকর কোনো উদ্যোগ নেওয়া হয়নি। সংশ্লিষ্টরা আশা করছেন দ্রুত সমাধান হবে এবং জনগণের দুর্ভোগ কমবে। এ বিষয়ে বিস্তারিত তথ্য সংগ্রহ করা হচ্ছে বলে জানানো হয়েছে। সরকারের বিভিন্ন দপ্তর বিষয়টি পর্যবেক্ষণ করছে এবং শিগগিরই নতুন নির্দেশনা জারি করা হতে পারে। ঢাকা প্রতিবেদক : দেশের বিভিন্ন স্থানে সাম্প্রতিক পরিস্থিতি নিয়ে সংশ্লিষ্ট কর্তৃপক্ষ জানিয়েছে যে বিষয়টি খতিয়ে দেখা হচ্ছে এবং প্রয়োজনীয় ব্যবস্থা গ্রহণ করা হবে। স্থানীয় বাসিন্দারা বলছেন দীর্ঘদিন ধরে এ সমস্যা চলে আসছে কিন্তু কার্যকর কোনো উদ্যোগ নেওয়া হয়নি। সংশ্লিষ্টরা আশা করছেন দ্রুত সমাধান হবে এবং জনগণের দুর্ভোগ কমবে। এ বিষয়ে বিস্তার

ঢাকা প্রতিবেদক : দেশের বিভিন্ন স্থানে সাম্প্রতিক পরিস্থিতি নিয়ে সংশ্লিষ্ট কর্তৃপক্ষ জানিয়েছে যে বিষয়টি খতিয়ে দেখা হচ্ছে এবং প্রয়োজনীয় ব্যবস্থা গ্রহণ করা হবে। স্থানীয় বাসিন্দারা বলছেন দীর্ঘদিন ধরে এ সমস্যা চলে আসছে কিন্তু কার্যকর কোনো উদ্যোগ নেওয়া হয়নি। সংশ্লিষ্টরা আশা করছেন দ্রুত সমাধান হবে এবং জনগণের দুর্ভোগ কমবে। এ বিষয়ে বিস্তারিত তথ্য সংগ্রহ করা হচ্ছে বলে জানানো হয়েছে। সরকারের বিভিন্ন দপ্তর বিষয়টি পর্যবেক্ষণ করছে এবং শিগগিরই নতুন নির্দেশনা জারি করা হতে পারে। ঢাকা প্রতিবেদক : দেশের বিভিন্ন স্থানে সাম্প্রতিক পরিস্থিতি নিয়ে সংশ্লিষ্ট কর্তৃপক্ষ জানিয়েছে যে বিষয়টি খতিয়ে দেখা হচ্ছে এবং প্রয়োজনীয় ব্যবস্থা গ্রহণ করা হবে। স্থানীয় বাসিন্দারা বলছেন দীর্ঘদিন ধরে এ সমস্যা চলে আসছে কিন্তু কার্যকর কোনো উদ্যোগ নেওয়া হয়নি। সংশ্লিষ্টরা আশা করছেন দ্রুত সমাধান হবে এবং জনগণের দুর্ভোগ কমবে। এ বিষয়ে বিস্তারিত তথ্য সংগ্রহ করা হচ্ছে বলে জানানো হ

পঞ্চগড় সীমান্তে

ঢাকা প্রতিবেদক : দেশের বিভিন্ন স্থানে সাম্প্রতিক পরিস্থিতি নিয়ে সংশ্লিষ্ট কর্তৃপক্ষ জানিয়েছে যে বিষয়টি খতিয়ে দেখা হচ্ছে এবং প্রয়োজনীয় ব্যবস্থা গ্রহণ করা হবে। স্থানীয় বাসিন্দারা বলছেন দীর্ঘদিন ধরে এ সমস্যা চলে আসছে কিন্তু কার্যকর কোনো উদ্যোগ নেওয়া হয়নি। সংশ্লিষ্টরা আশা করছেন দ্রুত সমাধান হবে এবং জনগণের দুর্ভোগ কমবে। এ বিষয়ে বিস্তারিত তথ্য সংগ্রহ করা হচ্ছে বলে জানানো হয়েছে। সরকারের বিভিন্ন দপ্তর বিষয়টি পর্যবেক্ষণ করছে এবং শিগগিরই নতুন নির্দেশনা জারি করা হতে পারে। ঢাকা প্রতিবেদক : দেশের বিভিন্ন স্থানে সাম্প্রতিক পরিস্থিতি নিয়ে সংশ্লিষ্ট কর্তৃপক্ষ জানিয়েছে যে বিষয়টি খতিয়ে দেখা হচ্ছে এবং প্রয়োজনীয় ব্যবস্থা গ্রহণ করা হবে। স্থানীয় বাসিন্দারা বলছেন দীর্ঘদিন ধরে এ সমস্যা চলে আসছে কিন্তু কার্যকর কোনো উদ্যোগ নেওয়া হয়নি। সংশ্লিষ্টরা আশা করছেন দ্রুত সমাধান হবে এবং জনগণের দুর্ভোগ কমবে। এ বিষয়ে বিস্তারিত তথ্য সংগ্রহ করা হচ্ছে বলে জানানো হয়েছে। সরকারের বিভিন্ন দপ্তর বিষয়টি

জমি রেজিস্ট্রিতে অবৈধকে

ঢাকা প্রতিবেদক : দেশের বিভিন্ন স্থানে সাম্প্রতিক পরিস্থিতি নিয়ে সংশ্লিষ্ট কর্তৃপক্ষ জানিয়েছে যে বিষয়টি খতিয়ে দেখা হচ্ছে এবং প্রয়োজনীয় ব্যবস্থা গ্রহণ করা হবে। স্থানীয় বাসিন্দারা বলছেন দীর্ঘদিন ধরে এ সমস্যা চলে আসছে কিন্তু কার্যকর কোনো উদ্যোগ নেওয়া হয়নি। সংশ্লিষ্টরা আশা করছেন দ্রুত সমাধান হবে এবং জনগণের দুর্ভোগ কমবে। এ বিষয়ে বিস্তারিত তথ্য সংগ্রহ করা হচ্ছে বলে জানানো হয়েছে। সরকারের বিভিন্ন দপ্তর বিষয়টি পর্যবেক্ষণ করছে এবং শিগগিরই নতুন নির্দেশনা জারি করা হতে পারে। ঢাকা প্রতিবেদক : দেশের বিভিন্ন স্থানে সাম্প্রতিক পরিস্থিতি নিয়ে সংশ্লিষ্ট কর্তৃপক্ষ জানিয়েছে যে বিষয়টি খতিয়ে দেখা হচ্ছে এবং প্রয়োজনীয় ব্যবস্থা গ্রহণ করা হবে। স্থানীয় বাসিন্দারা বলছেন দীর্ঘদিন ধরে এ সমস্যা চলে আসছে কিন্তু কার্যকর কোনো উদ্যোগ নেওয়া হয়নি। সংশ্লিষ্টরা আশা করছেন দ্রুত সমাধান হবে এবং জনগণের দুর্ভোগ কমবে। এ বিষয়ে বিস্তারিত তথ্য সংগ্রহ করা হচ্ছে বলে জানানো হয়েছে। সরকারের বিভিন্ন দপ্তর বিষয়টি পর্যবেক্ষণ করছে এবং শিগগিরই নতুন নির্

ঢাকা প্রতিবেদক : দেশের বিভিন্ন স্থানে সাম্প্রতিক পরিস্থিতি নিয়ে সংশ্লিষ্ট কর্তৃপক্ষ জানিয়েছে যে বিষয়টি খতিয়ে দেখা হচ্ছে এবং প্রয়োজনীয় ব্যবস্থা গ্রহণ করা হবে। স্থানীয় বাসিন্দারা বলছেন দীর্ঘদিন ধরে এ সমস্যা চলে আসছে কিন্তু কার্যকর কোনো উদ্যোগ নেওয়া হয়নি। সংশ্লিষ্টরা আশা করছেন দ্রুত সমাধান হবে এবং জনগণের দুর্ভোগ কমবে। এ বিষয়ে বিস্তারিত তথ্য সংগ্রহ করা হচ্ছে বলে জানানো হয়েছে। সরকারের বিভিন্ন দপ্তর বিষয়টি পর্যবেক্ষণ করছে এবং শিগগিরই নতুন নির্দেশনা জারি করা হতে পারে। ঢাকা প্রতিবে

ঢাকা প্রতিবেদক : দেশের বিভিন্ন স্থানে সাম্প্রতিক পরিস্থিতি নিয়ে সংশ্লিষ্ট কর্তৃপক্ষ জানিয়েছে যে বিষয়টি খতিয়ে দেখা হচ্ছে এবং প্রয়োজনীয় ব্যবস্থা গ্রহণ করা হবে। স্থানীয় বাসিন্দারা বলছেন দীর্ঘদিন ধরে এ সমস্যা চলে আসছে কিন্তু কার্যকর কোনো উদ্যোগ নেওয়া হয়নি। সংশ্লিষ্টরা আশা করছেন দ্রুত সমাধান হবে এবং জনগণের দুর্ভোগ কমবে। এ বিষয়ে বিস্তারিত তথ্য সংগ্রহ করা হচ্ছে বলে জানানো হয়েছে। সরকারের বিভিন্ন দপ্তর বিষয়টি পর্যবেক্ষণ করছে এবং শিগগিরই নতুন নির্দেশনা জারি করা হতে পারে। ঢাকা প্রতিবেদক : দেশের বিভিন্ন স্থানে সাম্প্রতিক
